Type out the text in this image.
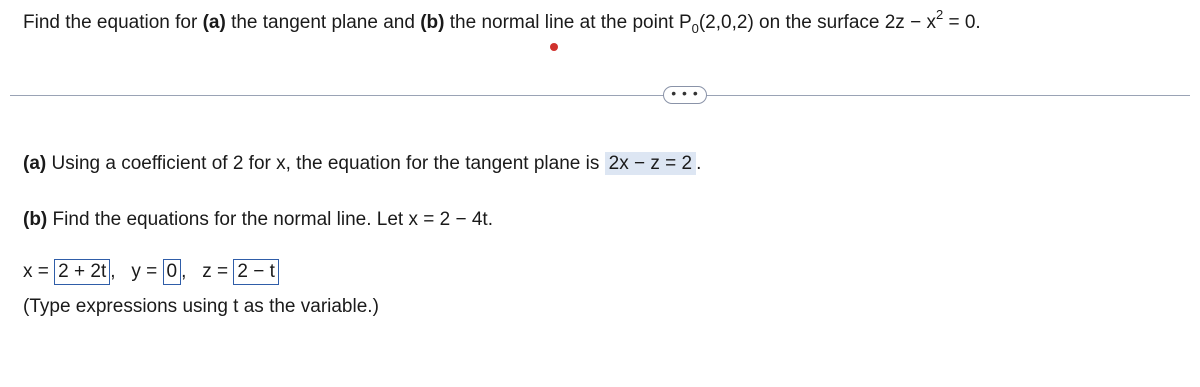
Find the equation for (a) the tangent plane and (b) the normal line at the point $P_0(2,0,2)$ on the surface $2z - x^2 = 0$.
• • •
(a) Using a coefficient of 2 for x, the equation for the tangent plane is 2x − z = 2 .
(b) Find the equations for the normal line. Let x = 2 − 4t.
x = 2 + 2t ,   y = 0 ,   z = 2 − t
(Type expressions using t as the variable.)
